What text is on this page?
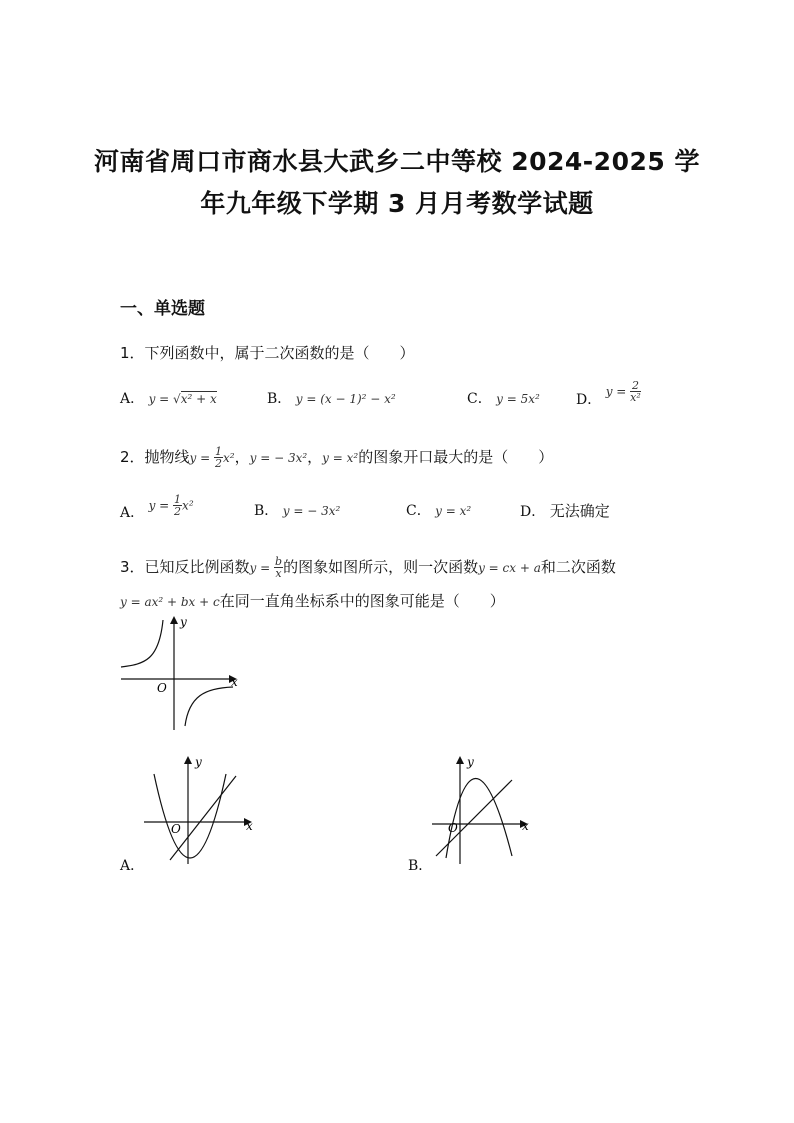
河南省周口市商水县大武乡二中等校 2024-2025 学
年九年级下学期 3 月月考数学试题
一、单选题
1．下列函数中，属于二次函数的是（　　）
A． y = √x² + x	B． y = (x − 1)² − x²	C． y = 5x²	D． $y = \frac{2}{\text{x²}}$
2．抛物线$y = \frac{1}{2} x^2$，y = − 3x²，y = x²的图象开口最大的是（　　）
A． $y = \frac{1}{2} x^2$	B． y = − 3x²	C． y = x²	D． 无法确定
3．已知反比例函数$y = \frac{b}{x}$ 的图象如图所示，则一次函数y = cx + a和二次函数
y = ax² + bx + c在同一直角坐标系中的图象可能是（　　）
y
x
O
y
x
O
A．
y
x
O
B．
